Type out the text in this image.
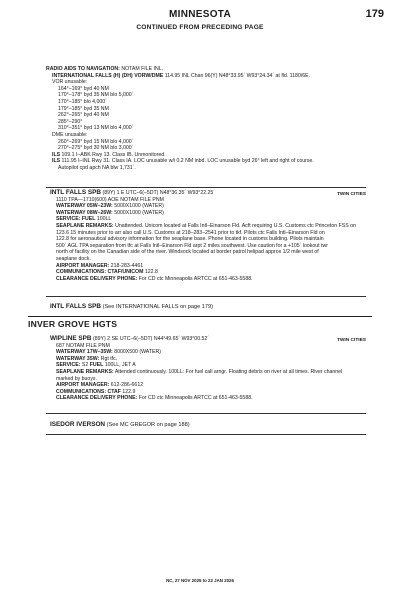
MINNESOTA	179
CONTINUED FROM PRECEDING PAGE
RADIO AIDS TO NAVIGATION: NOTAM FILE INL.
INTERNATIONAL FALLS (H) (DH) VORW/DME 114.95 INL Chan 96(Y) N48°33.95´ W93°24.34´ at fld. 1180/6E.
VOR unusable:
164°–169° byd 40 NM
170°–178° byd 35 NM blo 5,000´
170°–185° blo 4,000´
179°–185° byd 35 NM
262°–265° byd 40 NM
285°–290°
310°–351° byd 13 NM blo 4,000´
DME unusable:
260°–269° byd 15 NM blo 4,000´
270°–275° byd 30 NM blo 3,000´
ILS 109.1 I–ABK Rwy 13. Class IB. Unmonitored.
ILS 111.95 I–INL Rwy 31. Class IA. LOC unusable w/i 0.2 NM inbd. LOC unusable byd 26° left and right of course.
Autopilot cpd apch NA blw 1,731´.
TWIN CITIES
INTL FALLS SPB (89Y) 1 E UTC–6(–5DT) N48°36.35´ W93°22.25´
1110 TPA—1710(600) AOE NOTAM FILE PNM
WATERWAY 05W–23W: 5000X1000 (WATER)
WATERWAY 08W–26W: 5000X1000 (WATER)
SERVICE: FUEL 100LL
SEAPLANE REMARKS: Unattended. Unicom located at Falls Intl–Einarson Fld. Acft requiring U.S. Customs ctc Princeton FSS on
123.6 15 minutes prior to arr also call U.S. Customs at 218–283–2541 prior to tkf. Pilots ctc Falls Intl–Einarson Fld on
122.8 for aeronautical advisory information for the seaplane base. Phone located in customs building. Pilots maintain
500´ AGL TPA separation from tfc at Falls Intl–Einarson Fld arpt 2 miles southwest. Use caution for a +105´ lookout twr
north of facility on the Canadian side of the river. Windsock located at border patrol helipad approx 1/2 mile west of
seaplane dock.
AIRPORT MANAGER: 218-283-4461
COMMUNICATIONS: CTAF/UNICOM 122.8
CLEARANCE DELIVERY PHONE: For CD ctc Minneapolis ARTCC at 651-463-5588.
INTL FALLS SPB (See INTERNATIONAL FALLS on page 179)
INVER GROVE HGTS
TWIN CITIES
WIPLINE SPB (89Y) 2 SE UTC–6(–5DT) N44°49.65´ W93°00.52´
687 NOTAM FILE PNM
WATERWAY 17W–35W: 8000X500 (WATER)
WATERWAY 35W: Rgt tfc.
SERVICE: S2 FUEL 100LL, JET A
SEAPLANE REMARKS: Attended continuously. 100LL: For fuel call arngr. Floating debris on river at all times. River channel
marked by buoys.
AIRPORT MANAGER: 612-286-6612
COMMUNICATIONS: CTAF 122.9
CLEARANCE DELIVERY PHONE: For CD ctc Minneapolis ARTCC at 651-463-5588.
ISEDOR IVERSON (See MC GREGOR on page 188)
NC, 27 NOV 2025 to 22 JAN 2026
